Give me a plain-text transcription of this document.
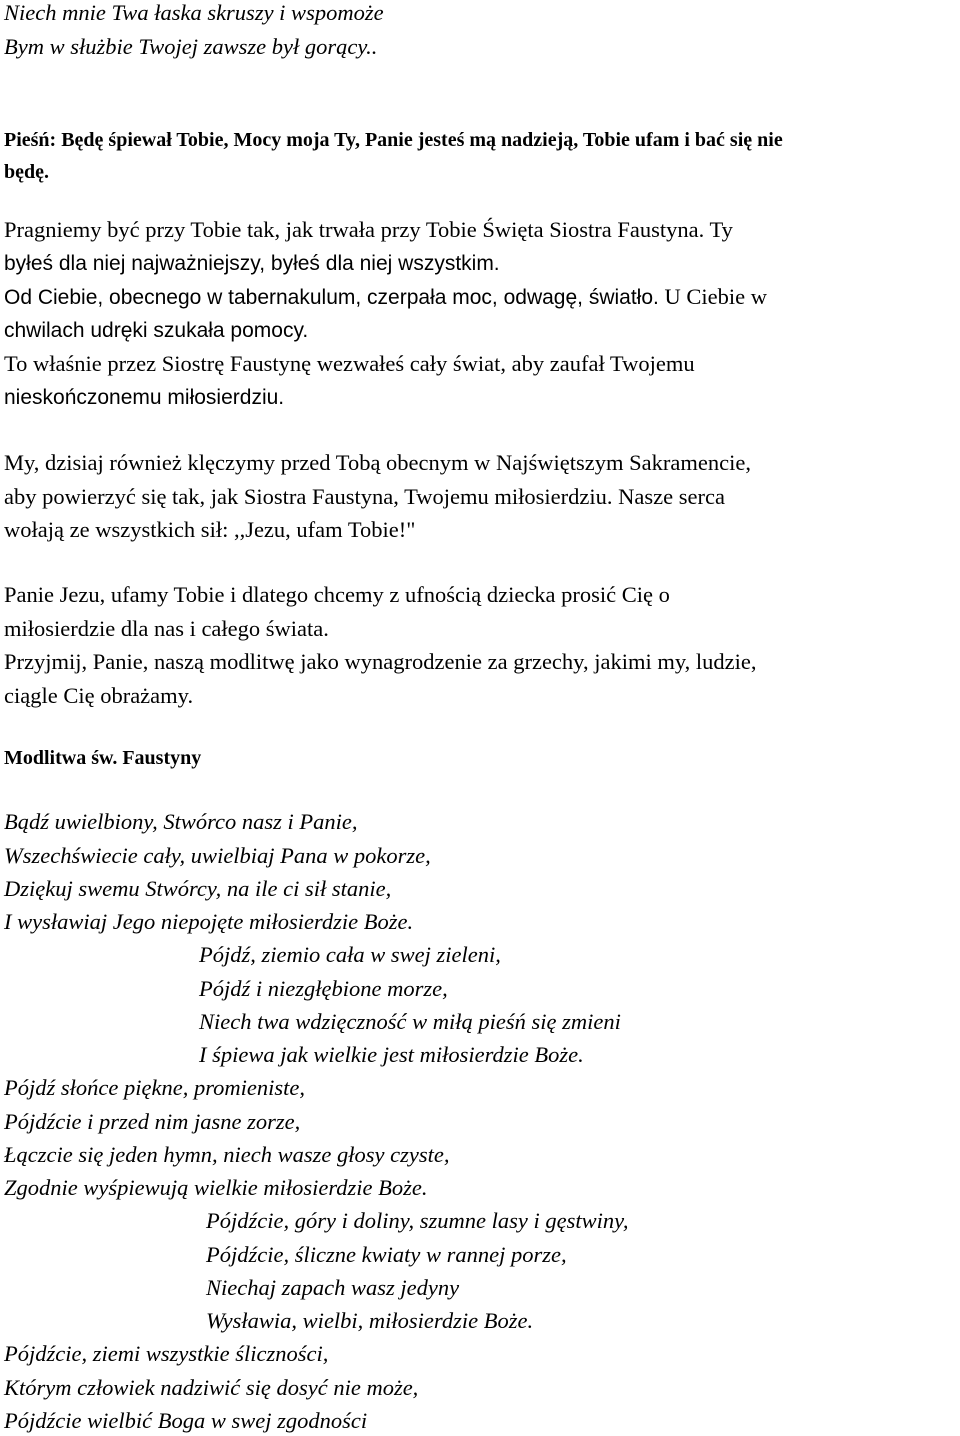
Niech mnie Twa łaska skruszy i wspomoże
Bym w służbie Twojej zawsze był gorący..
Pieśń: Będę śpiewał Tobie, Mocy moja Ty, Panie jesteś mą nadzieją, Tobie ufam i bać się nie
będę.
Pragniemy być przy Tobie tak, jak trwała przy Tobie Święta Siostra Faustyna. Ty
byłeś dla niej najważniejszy, byłeś dla niej wszystkim.
Od Ciebie, obecnego w tabernakulum, czerpała moc, odwagę, światło. U Ciebie w
chwilach udręki szukała pomocy.
To właśnie przez Siostrę Faustynę wezwałeś cały świat, aby zaufał Twojemu
nieskończonemu miłosierdziu.
My, dzisiaj również klęczymy przed Tobą obecnym w Najświętszym Sakramencie,
aby powierzyć się tak, jak Siostra Faustyna, Twojemu miłosierdziu. Nasze serca
wołają ze wszystkich sił: ,,Jezu, ufam Tobie!"
Panie Jezu, ufamy Tobie i dlatego chcemy z ufnością dziecka prosić Cię o
miłosierdzie dla nas i całego świata.
Przyjmij, Panie, naszą modlitwę jako wynagrodzenie za grzechy, jakimi my, ludzie,
ciągle Cię obrażamy.
Modlitwa św. Faustyny
Bądź uwielbiony, Stwórco nasz i Panie,
Wszechświecie cały, uwielbiaj Pana w pokorze,
Dziękuj swemu Stwórcy, na ile ci sił stanie,
I wysławiaj Jego niepojęte miłosierdzie Boże.
Pójdź, ziemio cała w swej zieleni,
Pójdź i niezgłębione morze,
Niech twa wdzięczność w miłą pieśń się zmieni
I śpiewa jak wielkie jest miłosierdzie Boże.
Pójdź słońce piękne, promieniste,
Pójdźcie i przed nim jasne zorze,
Łączcie się jeden hymn, niech wasze głosy czyste,
Zgodnie wyśpiewują wielkie miłosierdzie Boże.
Pójdźcie, góry i doliny, szumne lasy i gęstwiny,
Pójdźcie, śliczne kwiaty w rannej porze,
Niechaj zapach wasz jedyny
Wysławia, wielbi, miłosierdzie Boże.
Pójdźcie, ziemi wszystkie śliczności,
Którym człowiek nadziwić się dosyć nie może,
Pójdźcie wielbić Boga w swej zgodności
